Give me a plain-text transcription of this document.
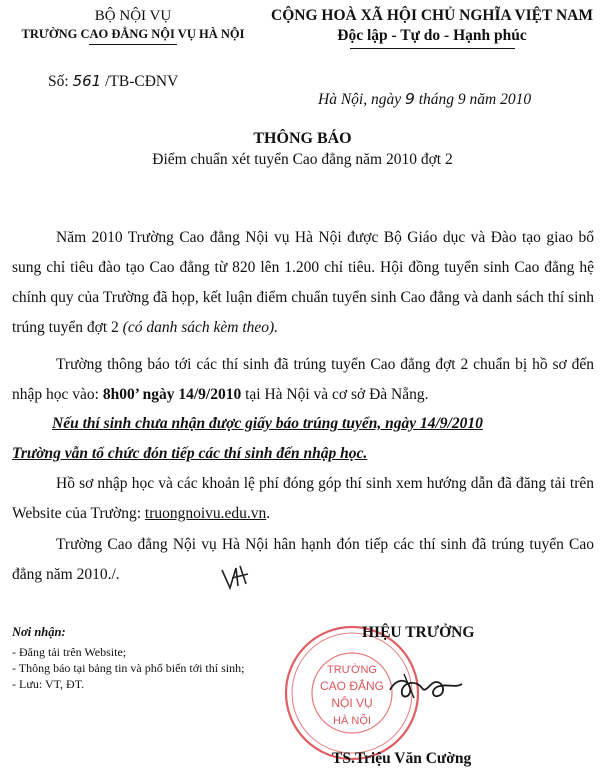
BỘ NỘI VỤ
TRƯỜNG CAO ĐẲNG NỘI VỤ HÀ NỘI
CỘNG HOÀ XÃ HỘI CHỦ NGHĨA VIỆT NAM
Độc lập - Tự do - Hạnh phúc
Số: 561 /TB-CĐNV
Hà Nội, ngày 9 tháng 9 năm 2010
THÔNG BÁO
Điểm chuẩn xét tuyển Cao đẳng năm 2010 đợt 2
Năm 2010 Trường Cao đẳng Nội vụ Hà Nội được Bộ Giáo dục và Đào tạo giao bổ sung chỉ tiêu đào tạo Cao đẳng từ 820 lên 1.200 chỉ tiêu. Hội đồng tuyển sinh Cao đẳng hệ chính quy của Trường đã họp, kết luận điểm chuẩn tuyển sinh Cao đẳng và danh sách thí sinh trúng tuyển đợt 2 (có danh sách kèm theo).
Trường thông báo tới các thí sinh đã trúng tuyển Cao đẳng đợt 2 chuẩn bị hồ sơ đến nhập học vào: 8h00’ ngày 14/9/2010 tại Hà Nội và cơ sở Đà Nẵng.
Nếu thí sinh chưa nhận được giấy báo trúng tuyển, ngày 14/9/2010
Trường vẫn tổ chức đón tiếp các thí sinh đến nhập học.
Hồ sơ nhập học và các khoản lệ phí đóng góp thí sinh xem hướng dẫn đã đăng tải trên Website của Trường: truongnoivu.edu.vn.
Trường Cao đẳng Nội vụ Hà Nội hân hạnh đón tiếp các thí sinh đã trúng tuyển Cao đẳng năm 2010./.
Nơi nhận:
- Đăng tải trên Website;
- Thông báo tại bảng tin và phổ biến tới thí sinh;
- Lưu: VT, ĐT.
TRƯỜNG
CAO ĐẲNG
NỘI VỤ
HÀ NỘI
HIỆU TRƯỞNG
TS.Triệu Văn Cường
